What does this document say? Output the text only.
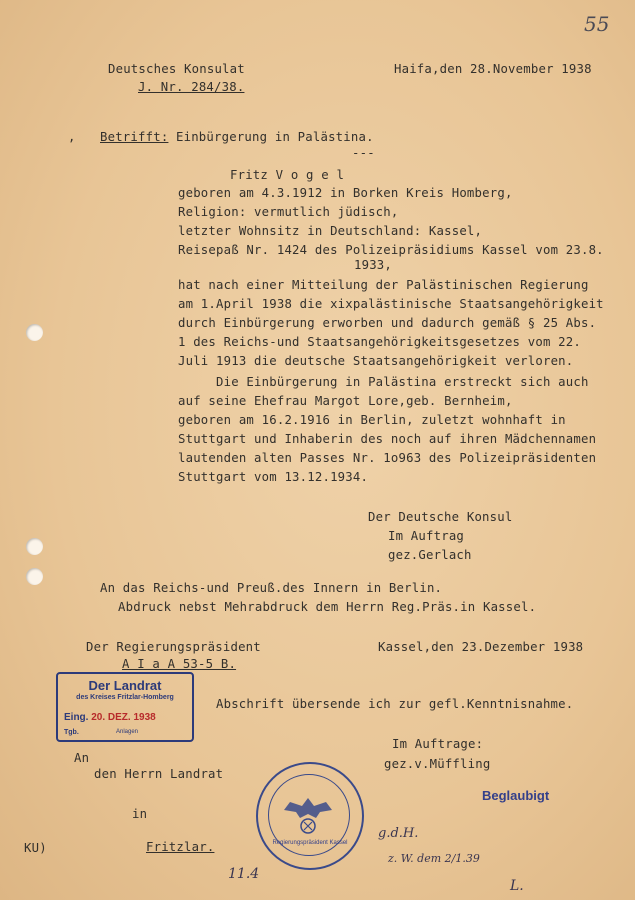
55
Deutsches Konsulat	Haifa,den 28.November 1938
J. Nr. 284/38.
, Betrifft: Einbürgerung in Palästina.
---
Fritz V o g e l
geboren am 4.3.1912 in Borken Kreis Homberg,
Religion: vermutlich jüdisch,
letzter Wohnsitz in Deutschland: Kassel,
Reisepaß Nr. 1424 des Polizeipräsidiums Kassel vom 23.8.
1933,
hat nach einer Mitteilung der Palästinischen Regierung
am 1.April 1938 die xixpalästinische Staatsangehörigkeit
durch Einbürgerung erworben und dadurch gemäß § 25 Abs.
1 des Reichs-und Staatsangehörigkeitsgesetzes vom 22.
Juli 1913 die deutsche Staatsangehörigkeit verloren.
Die Einbürgerung in Palästina erstreckt sich auch
auf seine Ehefrau Margot Lore,geb. Bernheim,
geboren am 16.2.1916 in Berlin, zuletzt wohnhaft in
Stuttgart und Inhaberin des noch auf ihren Mädchennamen
lautenden alten Passes Nr. 1o963 des Polizeipräsidenten
Stuttgart vom 13.12.1934.
Der Deutsche Konsul
Im Auftrag
gez.Gerlach
An das Reichs-und Preuß.des Innern in Berlin.
Abdruck nebst Mehrabdruck dem Herrn Reg.Präs.in Kassel.
Der Regierungspräsident	Kassel,den 23.Dezember 1938
A I a A 53-5 B.
Der Landrat
des Kreises Fritzlar-Homberg
Eing. 20. DEZ. 1938
Tgb.	Anlagen
Abschrift übersende ich zur gefl.Kenntnisnahme.
Im Auftrage:
gez.v.Müffling
An
den Herrn Landrat
in
Fritzlar.
KU)	Regierungspräsident Kassel
Beglaubigt
11.4
g.d.H.
z. W. dem 2/1.39
L.
